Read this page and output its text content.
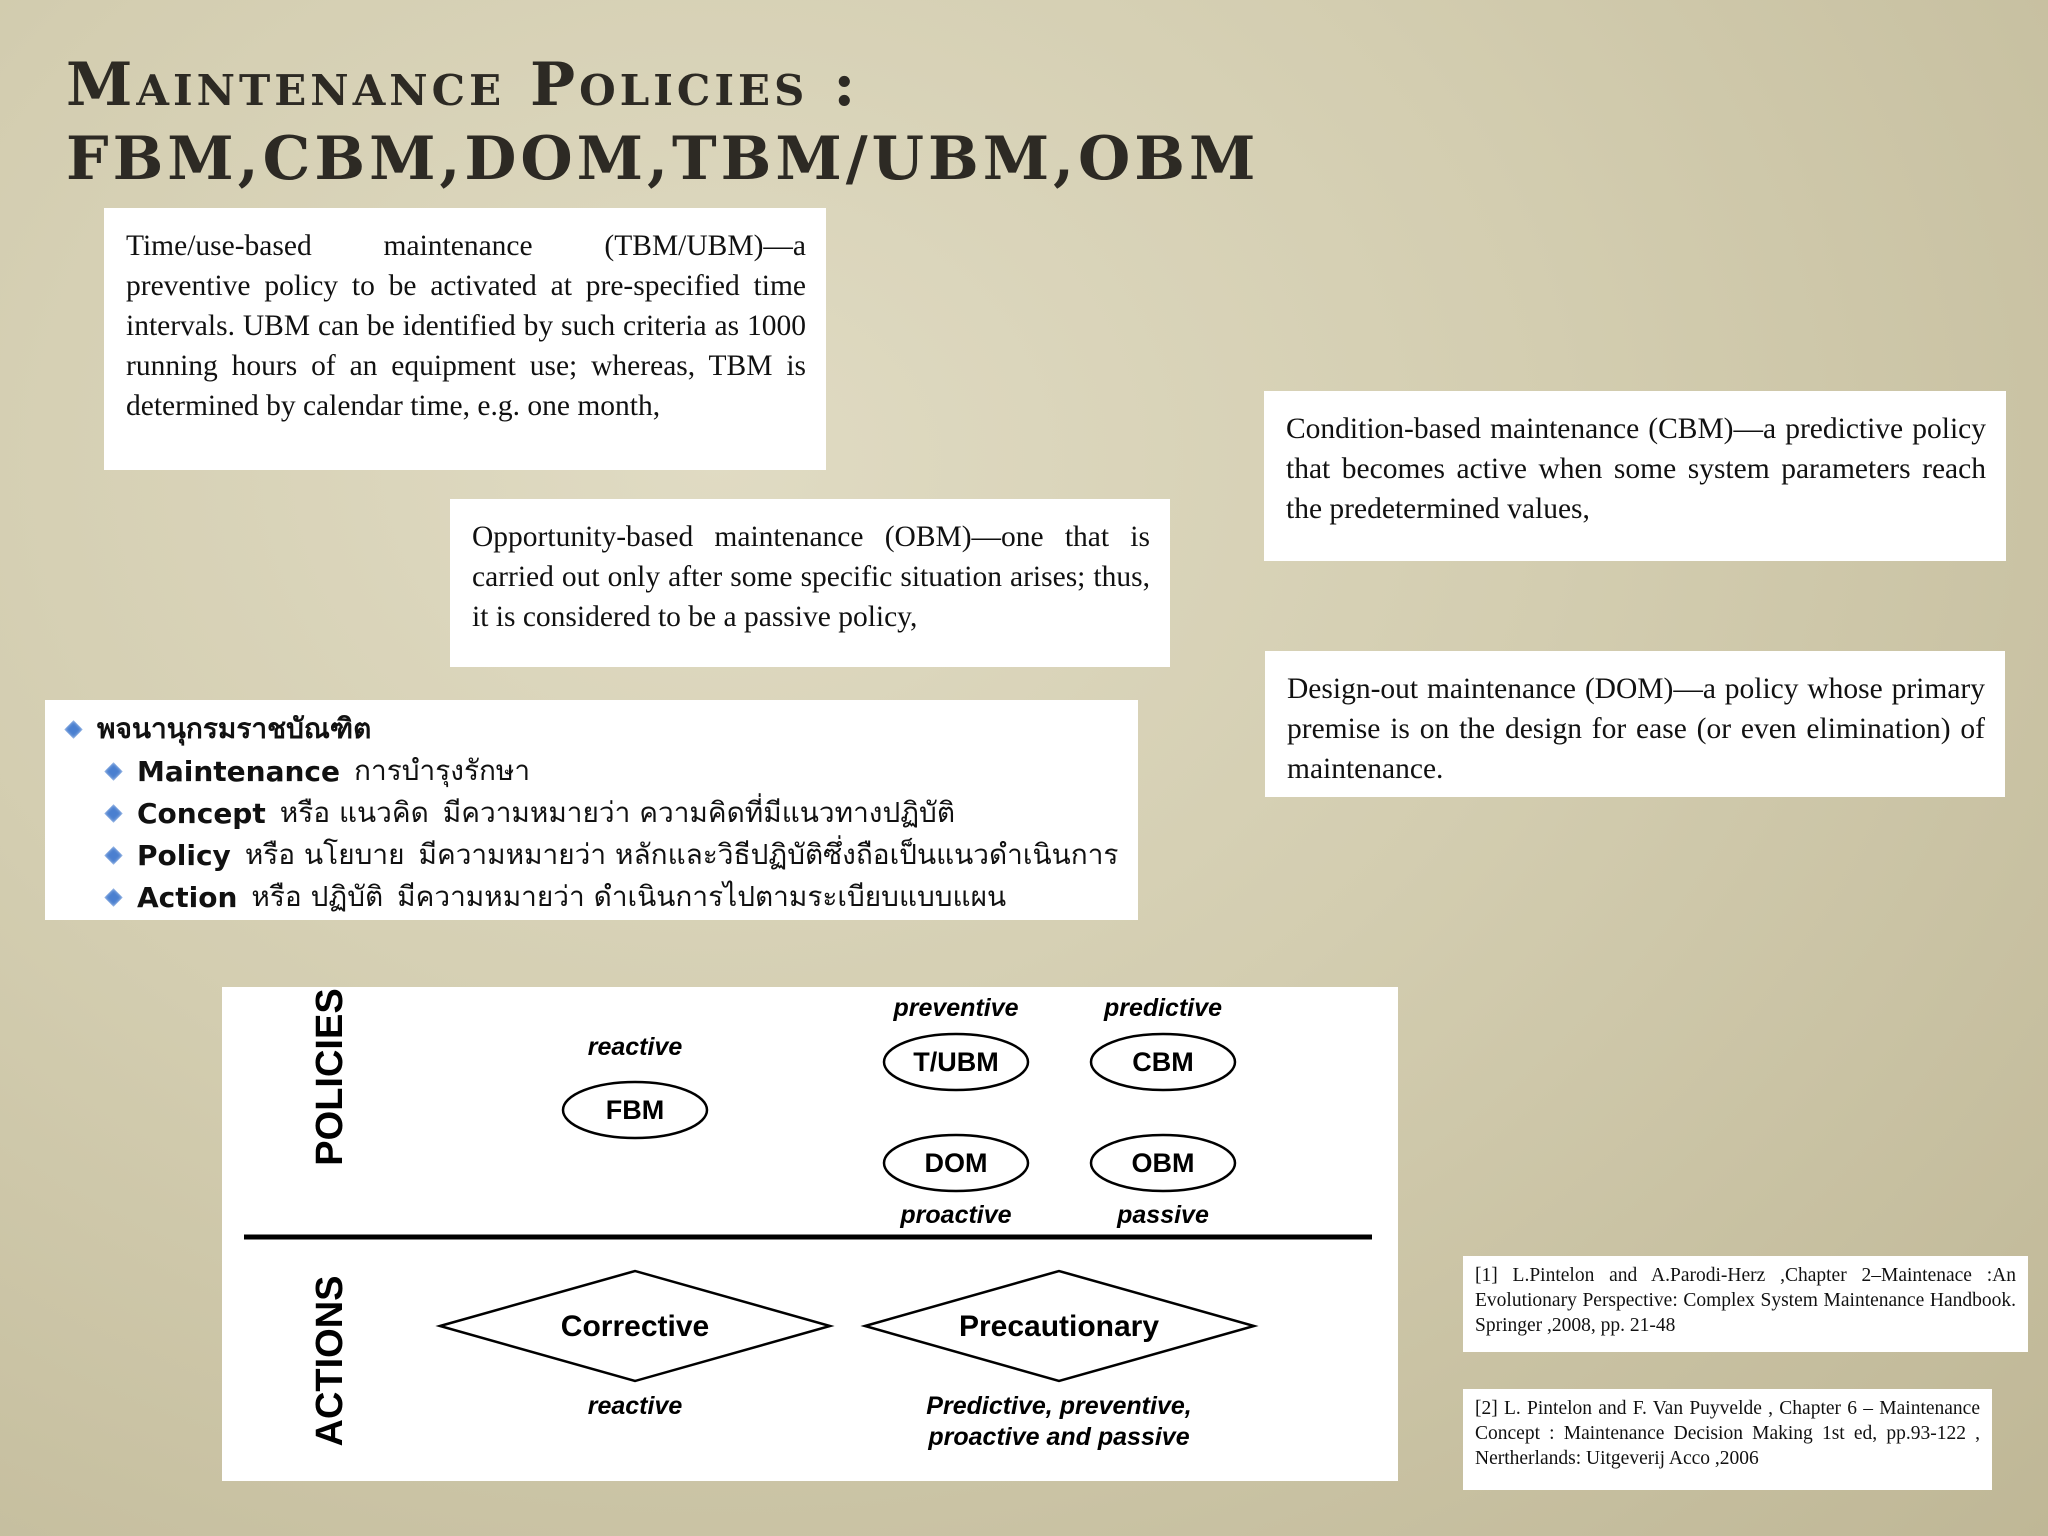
Maintenance Policies :
FBM,CBM,DOM,TBM/UBM,OBM
Time/use-based maintenance (TBM/UBM)—a preventive policy to be activated at pre-specified time intervals. UBM can be identified by such criteria as 1000 running hours of an equipment use; whereas, TBM is determined by calendar time, e.g. one month,
Condition-based maintenance (CBM)—a predictive policy that becomes active when some system parameters reach the predetermined values,
Opportunity-based maintenance (OBM)—one that is carried out only after some specific situation arises; thus, it is considered to be a passive policy,
Design-out maintenance (DOM)—a policy whose primary premise is on the design for ease (or even elimination) of maintenance.
พจนานุกรมราชบัณฑิต
Maintenance การบำรุงรักษา
Concept หรือ แนวคิด มีความหมายว่า ความคิดที่มีแนวทางปฏิบัติ
Policy หรือ นโยบาย มีความหมายว่า หลักและวิธีปฏิบัติซึ่งถือเป็นแนวดำเนินการ
Action หรือ ปฏิบัติ มีความหมายว่า ดำเนินการไปตามระเบียบแบบแผน
POLICIES
ACTIONS
reactive
FBM
preventive
T/UBM
predictive
CBM
DOM
proactive
OBM
passive
Corrective
reactive
Precautionary
Predictive, preventive,
proactive and passive
[1] L.Pintelon and A.Parodi-Herz ,Chapter 2–Maintenace :An Evolutionary Perspective: Complex System Maintenance Handbook. Springer ,2008, pp. 21-48
[2] L. Pintelon and F. Van Puyvelde , Chapter 6 – Maintenance Concept : Maintenance Decision Making 1st ed, pp.93-122 , Nertherlands: Uitgeverij Acco ,2006
